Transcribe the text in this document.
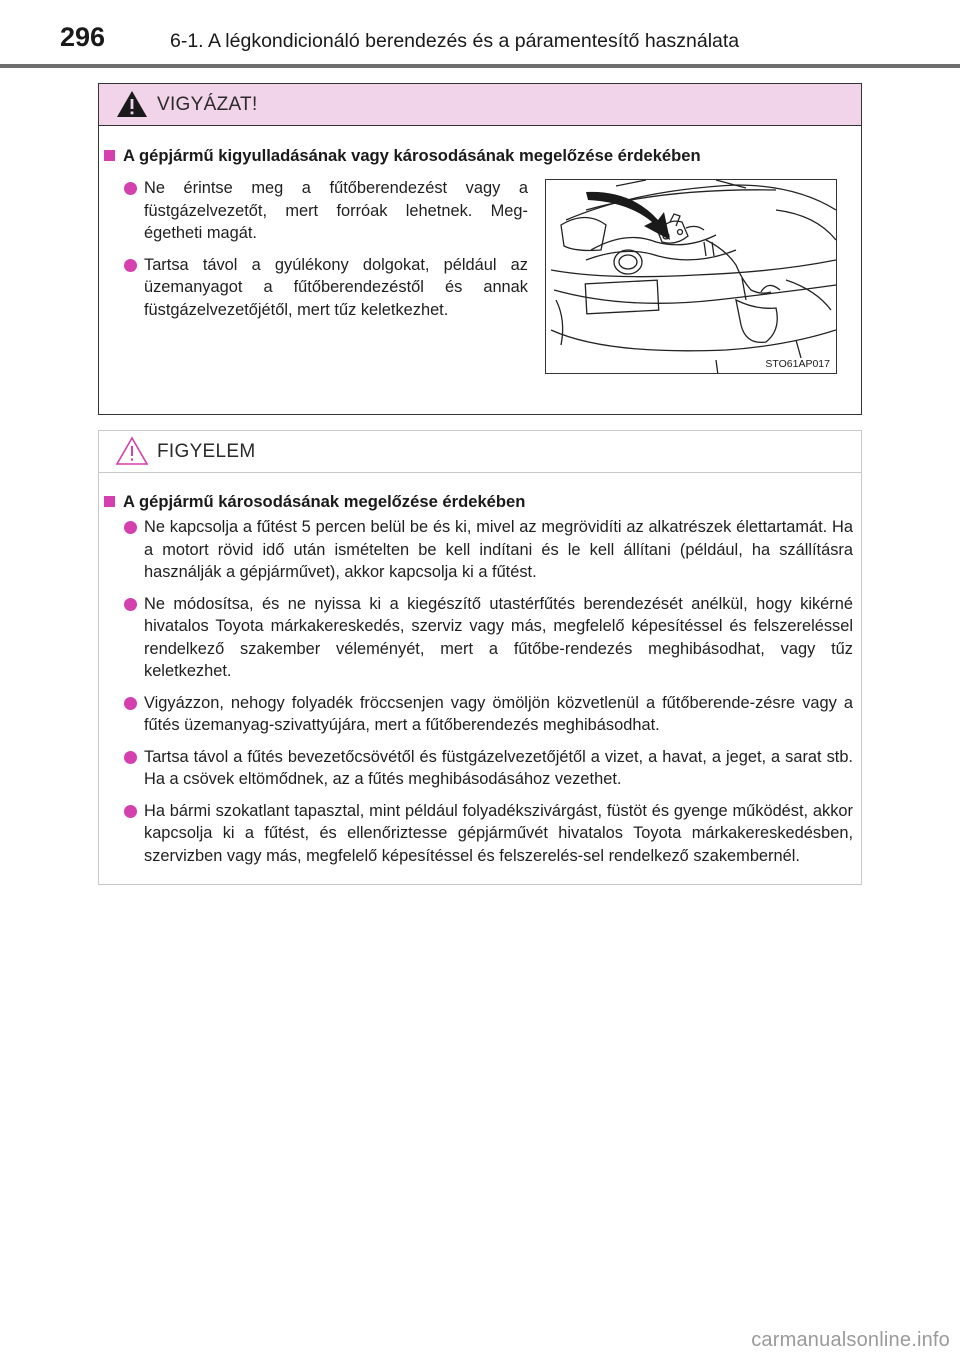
296	6-1. A légkondicionáló berendezés és a páramentesítő használata
VIGYÁZAT!
A gépjármű kigyulladásának vagy károsodásának megelőzése érdekében
Ne érintse meg a fűtőberendezést vagy a füstgázelvezetőt, mert forróak lehetnek. Meg-égetheti magát.
Tartsa távol a gyúlékony dolgokat, például az üzemanyagot a fűtőberendezéstől és annak füstgázelvezetőjétől, mert tűz keletkezhet.
STO61AP017
FIGYELEM
A gépjármű károsodásának megelőzése érdekében
Ne kapcsolja a fűtést 5 percen belül be és ki, mivel az megrövidíti az alkatrészek élettartamát. Ha a motort rövid idő után ismételten be kell indítani és le kell állítani (például, ha szállításra használják a gépjárművet), akkor kapcsolja ki a fűtést.
Ne módosítsa, és ne nyissa ki a kiegészítő utastérfűtés berendezését anélkül, hogy kikérné hivatalos Toyota márkakereskedés, szerviz vagy más, megfelelő képesítéssel és felszereléssel rendelkező szakember véleményét, mert a fűtőbe-rendezés meghibásodhat, vagy tűz keletkezhet.
Vigyázzon, nehogy folyadék fröccsenjen vagy ömöljön közvetlenül a fűtőberende-zésre vagy a fűtés üzemanyag-szivattyújára, mert a fűtőberendezés meghibásodhat.
Tartsa távol a fűtés bevezetőcsövétől és füstgázelvezetőjétől a vizet, a havat, a jeget, a sarat stb. Ha a csövek eltömődnek, az a fűtés meghibásodásához vezethet.
Ha bármi szokatlant tapasztal, mint például folyadékszivárgást, füstöt és gyenge működést, akkor kapcsolja ki a fűtést, és ellenőriztesse gépjárművét hivatalos Toyota márkakereskedésben, szervizben vagy más, megfelelő képesítéssel és felszerelés-sel rendelkező szakembernél.
carmanualsonline.info
